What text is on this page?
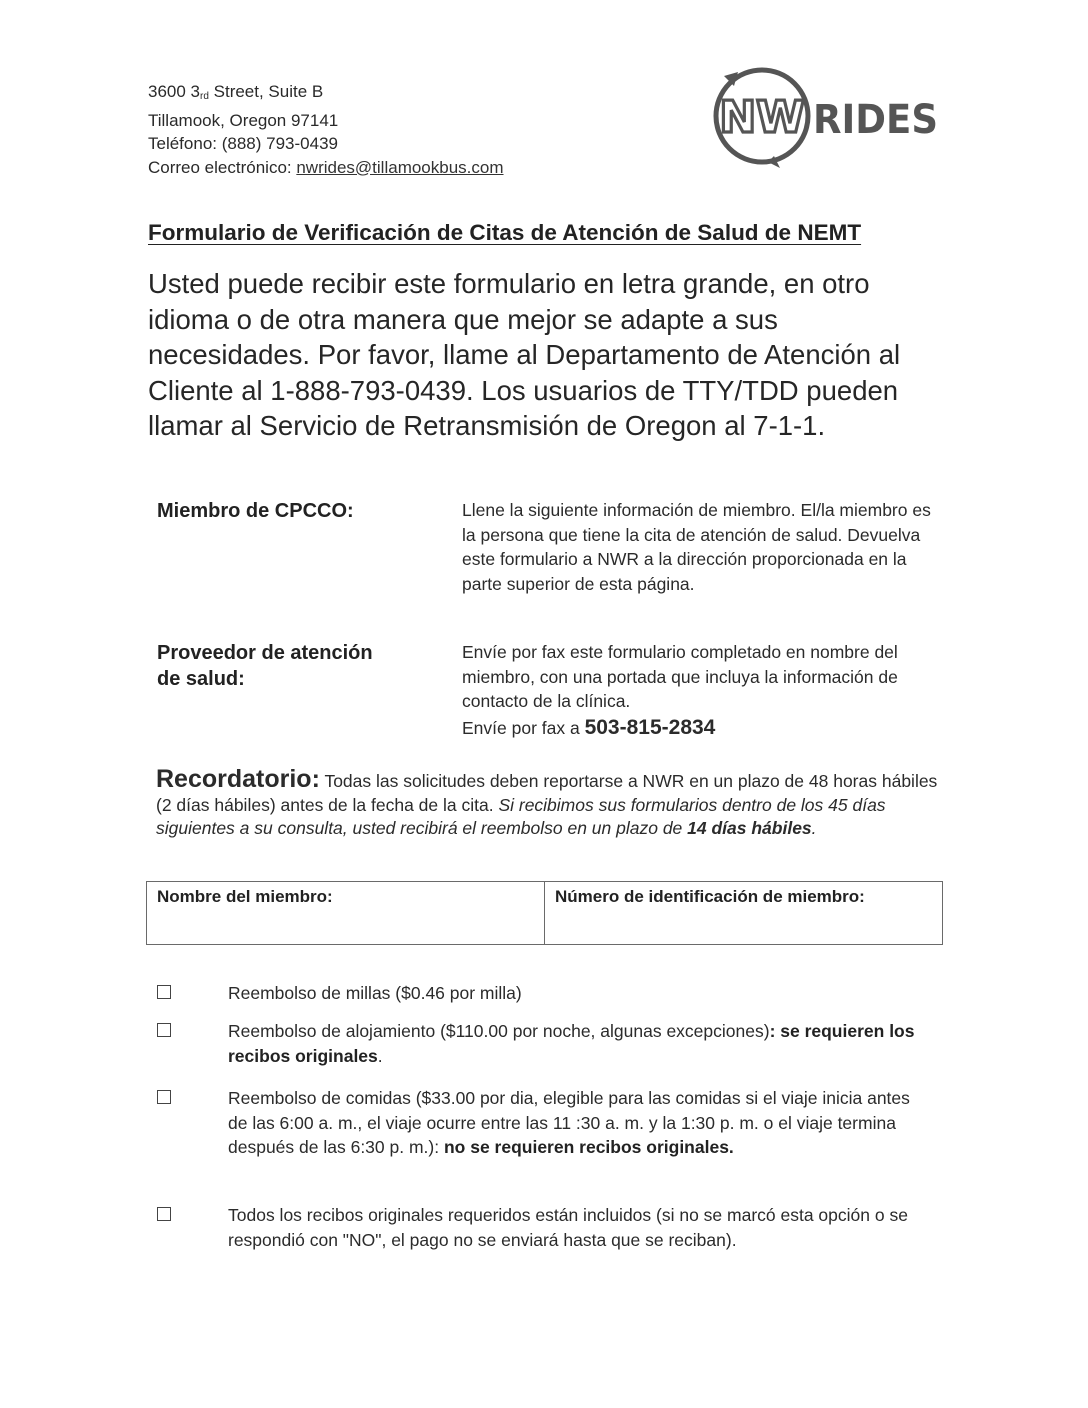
3600 $3_{rd}$ Street, Suite B
Tillamook, Oregon 97141
Teléfono: (888) 793-0439
Correo electrónico: nwrides@tillamookbus.com
NW RIDES
Formulario de Verificación de Citas de Atención de Salud de NEMT
Usted puede recibir este formulario en letra grande, en otro idioma o de otra manera que mejor se adapte a sus necesidades. Por favor, llame al Departamento de Atención al Cliente al 1-888-793-0439. Los usuarios de TTY/TDD pueden llamar al Servicio de Retransmisión de Oregon al 7-1-1.
Miembro de CPCCO:	Llene la siguiente información de miembro. El/la miembro es la persona que tiene la cita de atención de salud. Devuelva este formulario a NWR a la dirección proporcionada en la parte superior de esta página.
Proveedor de atención
de salud:
Envíe por fax este formulario completado en nombre del miembro, con una portada que incluya la información de contacto de la clínica.
Envíe por fax a 503-815-2834
Recordatorio: Todas las solicitudes deben reportarse a NWR en un plazo de 48 horas hábiles (2 días hábiles) antes de la fecha de la cita. Si recibimos sus formularios dentro de los 45 días siguientes a su consulta, usted recibirá el reembolso en un plazo de 14 días hábiles.
Nombre del miembro:	Número de identificación de miembro:
Reembolso de millas ($0.46 por milla)
Reembolso de alojamiento ($110.00 por noche, algunas excepciones): se requieren los recibos originales.
Reembolso de comidas ($33.00 por dia, elegible para las comidas si el viaje inicia antes de las 6:00 a. m., el viaje ocurre entre las 11 :30 a. m. y la 1:30 p. m. o el viaje termina después de las 6:30 p. m.): no se requieren recibos originales.
Todos los recibos originales requeridos están incluidos (si no se marcó esta opción o se respondió con "NO", el pago no se enviará hasta que se reciban).
